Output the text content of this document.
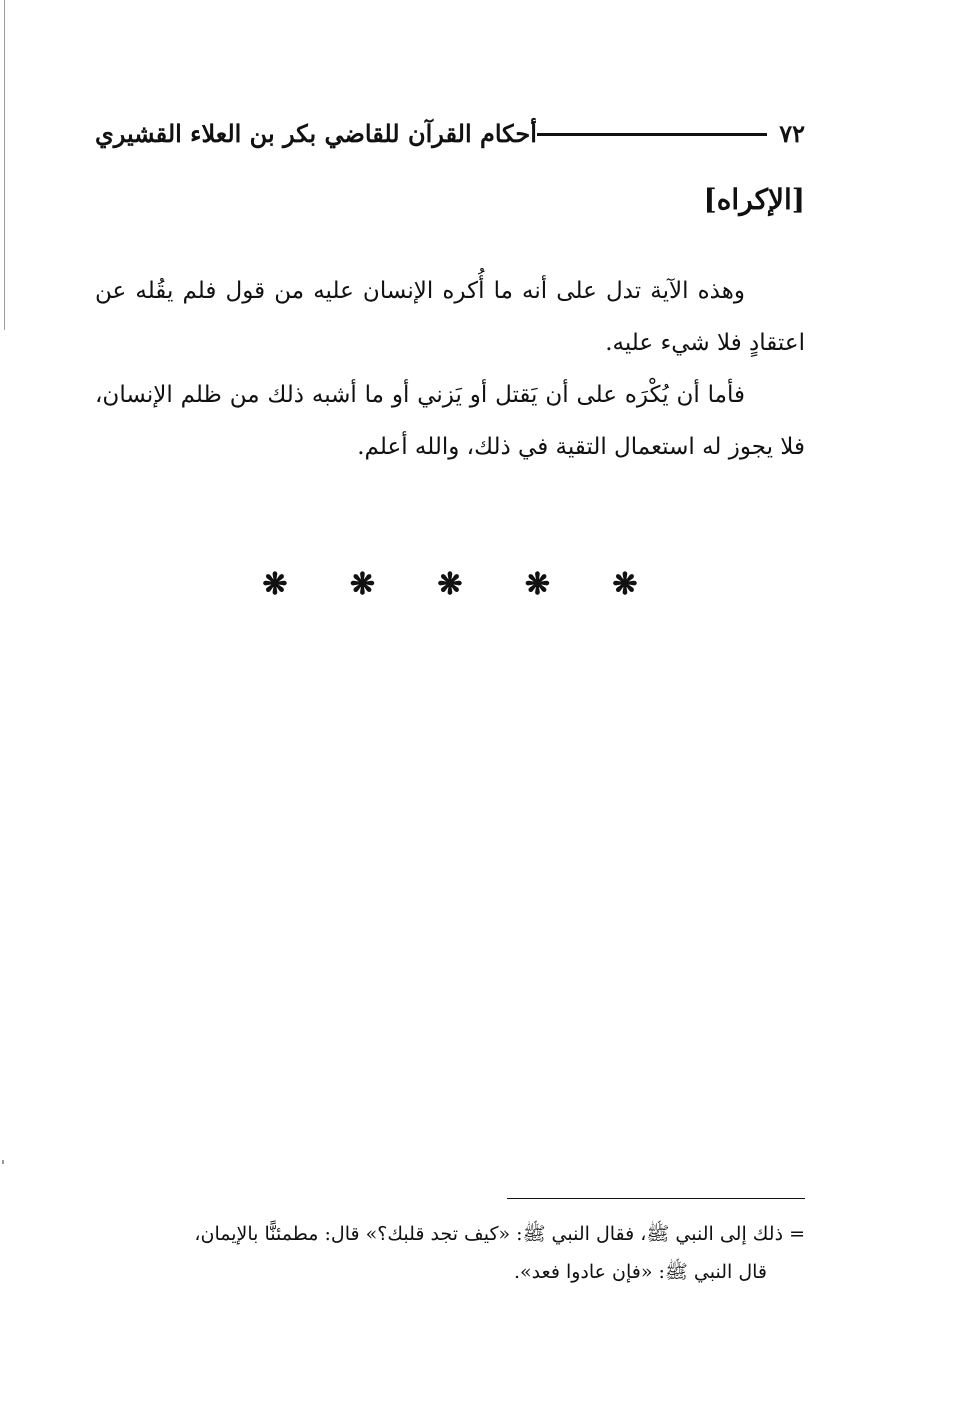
٧٢
أحكام القرآن للقاضي بكر بن العلاء القشيري
[الإكراه]

وهذه الآية تدل على أنه ما أُكره الإنسان عليه من قول فلم يقُله عن اعتقادٍ فلا شيء عليه.

فأما أن يُكْرَه على أن يَقتل أو يَزني أو ما أشبه ذلك من ظلم الإنسان، فلا يجوز له استعمال التقية في ذلك، والله أعلم.

❋ ❋ ❋ ❋ ❋
= ذلك إلى النبي ﷺ، فقال النبي ﷺ: «كيف تجد قلبك؟» قال: مطمئنًّا بالإيمان،
قال النبي ﷺ: «فإن عادوا فعد».
